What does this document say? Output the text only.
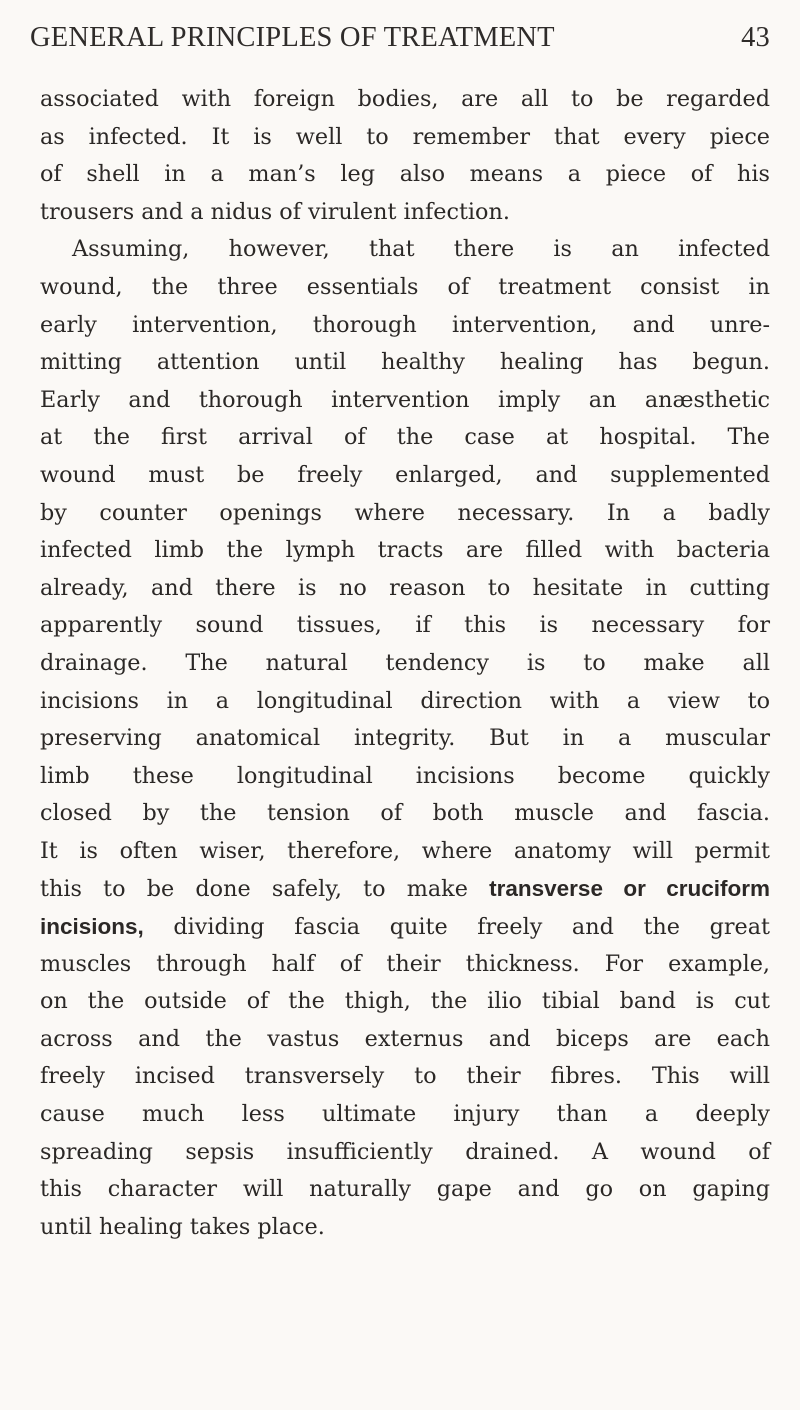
GENERAL PRINCIPLES OF TREATMENT	43
associated with foreign bodies, are all to be regarded
as infected. It is well to remember that every piece
of shell in a man’s leg also means a piece of his
trousers and a nidus of virulent infection.
Assuming, however, that there is an infected
wound, the three essentials of treatment consist in
early intervention, thorough intervention, and unre-
mitting attention until healthy healing has begun.
Early and thorough intervention imply an anæsthetic
at the first arrival of the case at hospital. The
wound must be freely enlarged, and supplemented
by counter openings where necessary. In a badly
infected limb the lymph tracts are filled with bacteria
already, and there is no reason to hesitate in cutting
apparently sound tissues, if this is necessary for
drainage. The natural tendency is to make all
incisions in a longitudinal direction with a view to
preserving anatomical integrity. But in a muscular
limb these longitudinal incisions become quickly
closed by the tension of both muscle and fascia.
It is often wiser, therefore, where anatomy will permit
this to be done safely, to make transverse or cruciform
incisions, dividing fascia quite freely and the great
muscles through half of their thickness. For example,
on the outside of the thigh, the ilio tibial band is cut
across and the vastus externus and biceps are each
freely incised transversely to their fibres. This will
cause much less ultimate injury than a deeply
spreading sepsis insufficiently drained. A wound of
this character will naturally gape and go on gaping
until healing takes place.
